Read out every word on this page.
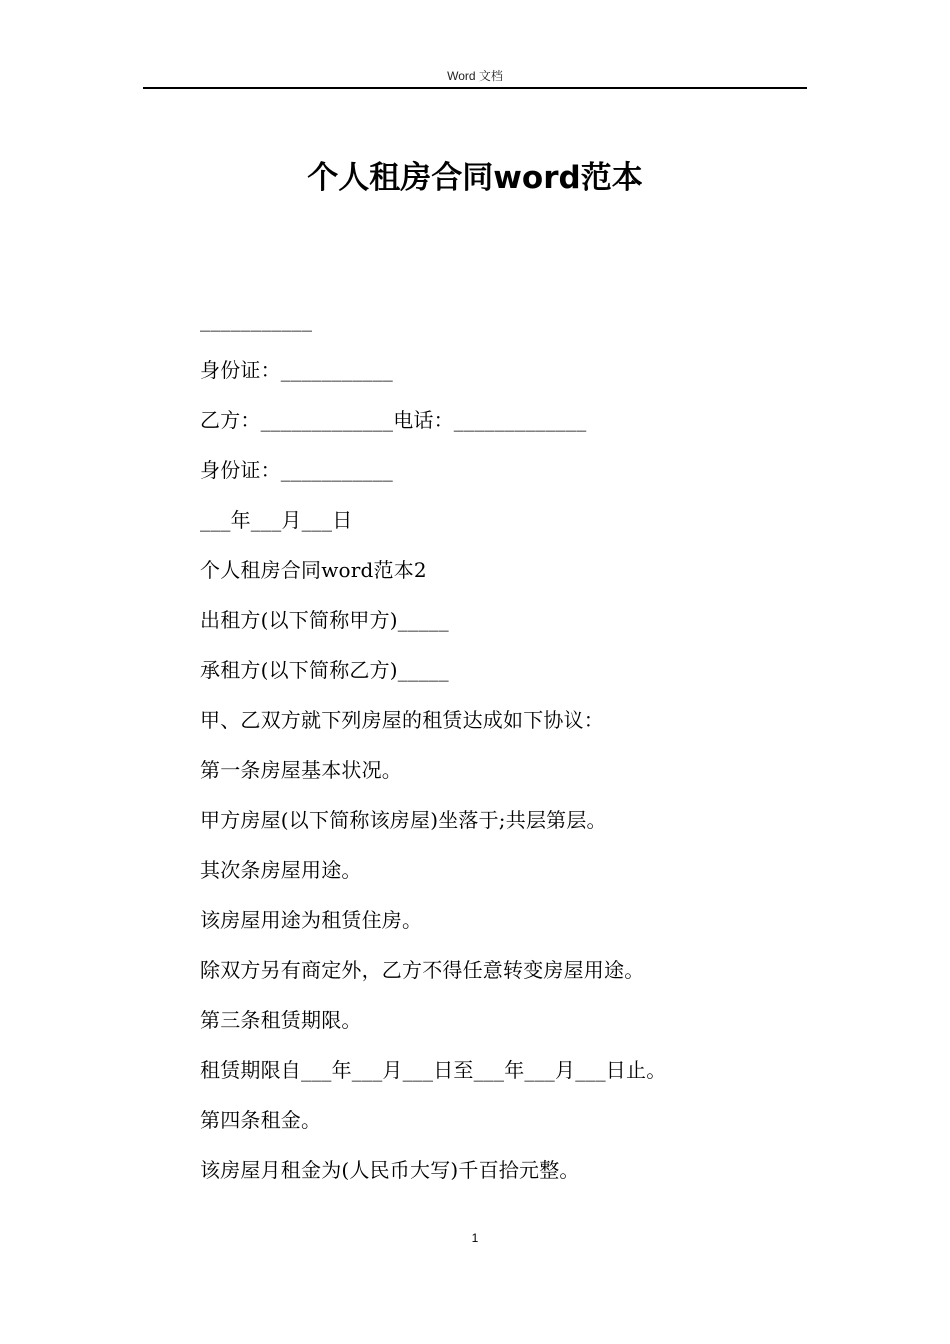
Word 文档
个人租房合同word范本
___________
身份证：___________
乙方：_____________电话：_____________
身份证：___________
___年___月___日
个人租房合同word范本2
出租方(以下简称甲方)_____
承租方(以下简称乙方)_____
甲、乙双方就下列房屋的租赁达成如下协议：
第一条房屋基本状况。
甲方房屋(以下简称该房屋)坐落于;共层第层。
其次条房屋用途。
该房屋用途为租赁住房。
除双方另有商定外，乙方不得任意转变房屋用途。
第三条租赁期限。
租赁期限自___年___月___日至___年___月___日止。
第四条租金。
该房屋月租金为(人民币大写)千百拾元整。
1
